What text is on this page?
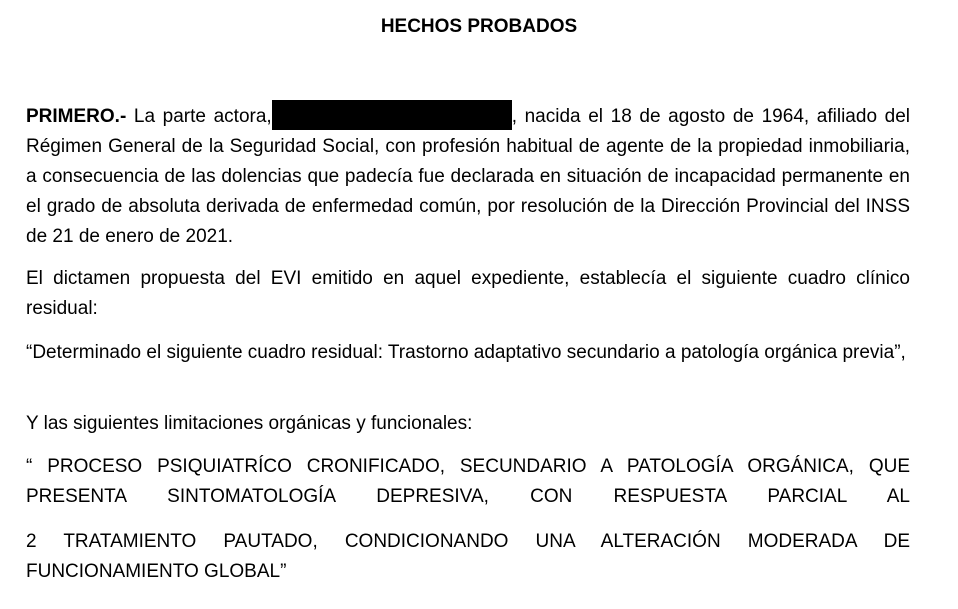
HECHOS PROBADOS

PRIMERO.- La parte actora,	, nacida el 18 de agosto de 1964, afiliado del Régimen General de la Seguridad Social, con profesión habitual de agente de la propiedad inmobiliaria, a consecuencia de las dolencias que padecía fue declarada en situación de incapacidad permanente en el grado de absoluta derivada de enfermedad común, por resolución de la Dirección Provincial del INSS de 21 de enero de 2021.

El dictamen propuesta del EVI emitido en aquel expediente, establecía el siguiente cuadro clínico residual:

“Determinado el siguiente cuadro residual: Trastorno adaptativo secundario a patología orgánica previa”,

Y las siguientes limitaciones orgánicas y funcionales:

“ PROCESO PSIQUIATRÍCO CRONIFICADO, SECUNDARIO A PATOLOGÍA ORGÁNICA, QUE PRESENTA SINTOMATOLOGÍA DEPRESIVA, CON RESPUESTA PARCIAL AL

2 TRATAMIENTO PAUTADO, CONDICIONANDO UNA ALTERACIÓN MODERADA DE FUNCIONAMIENTO GLOBAL”
